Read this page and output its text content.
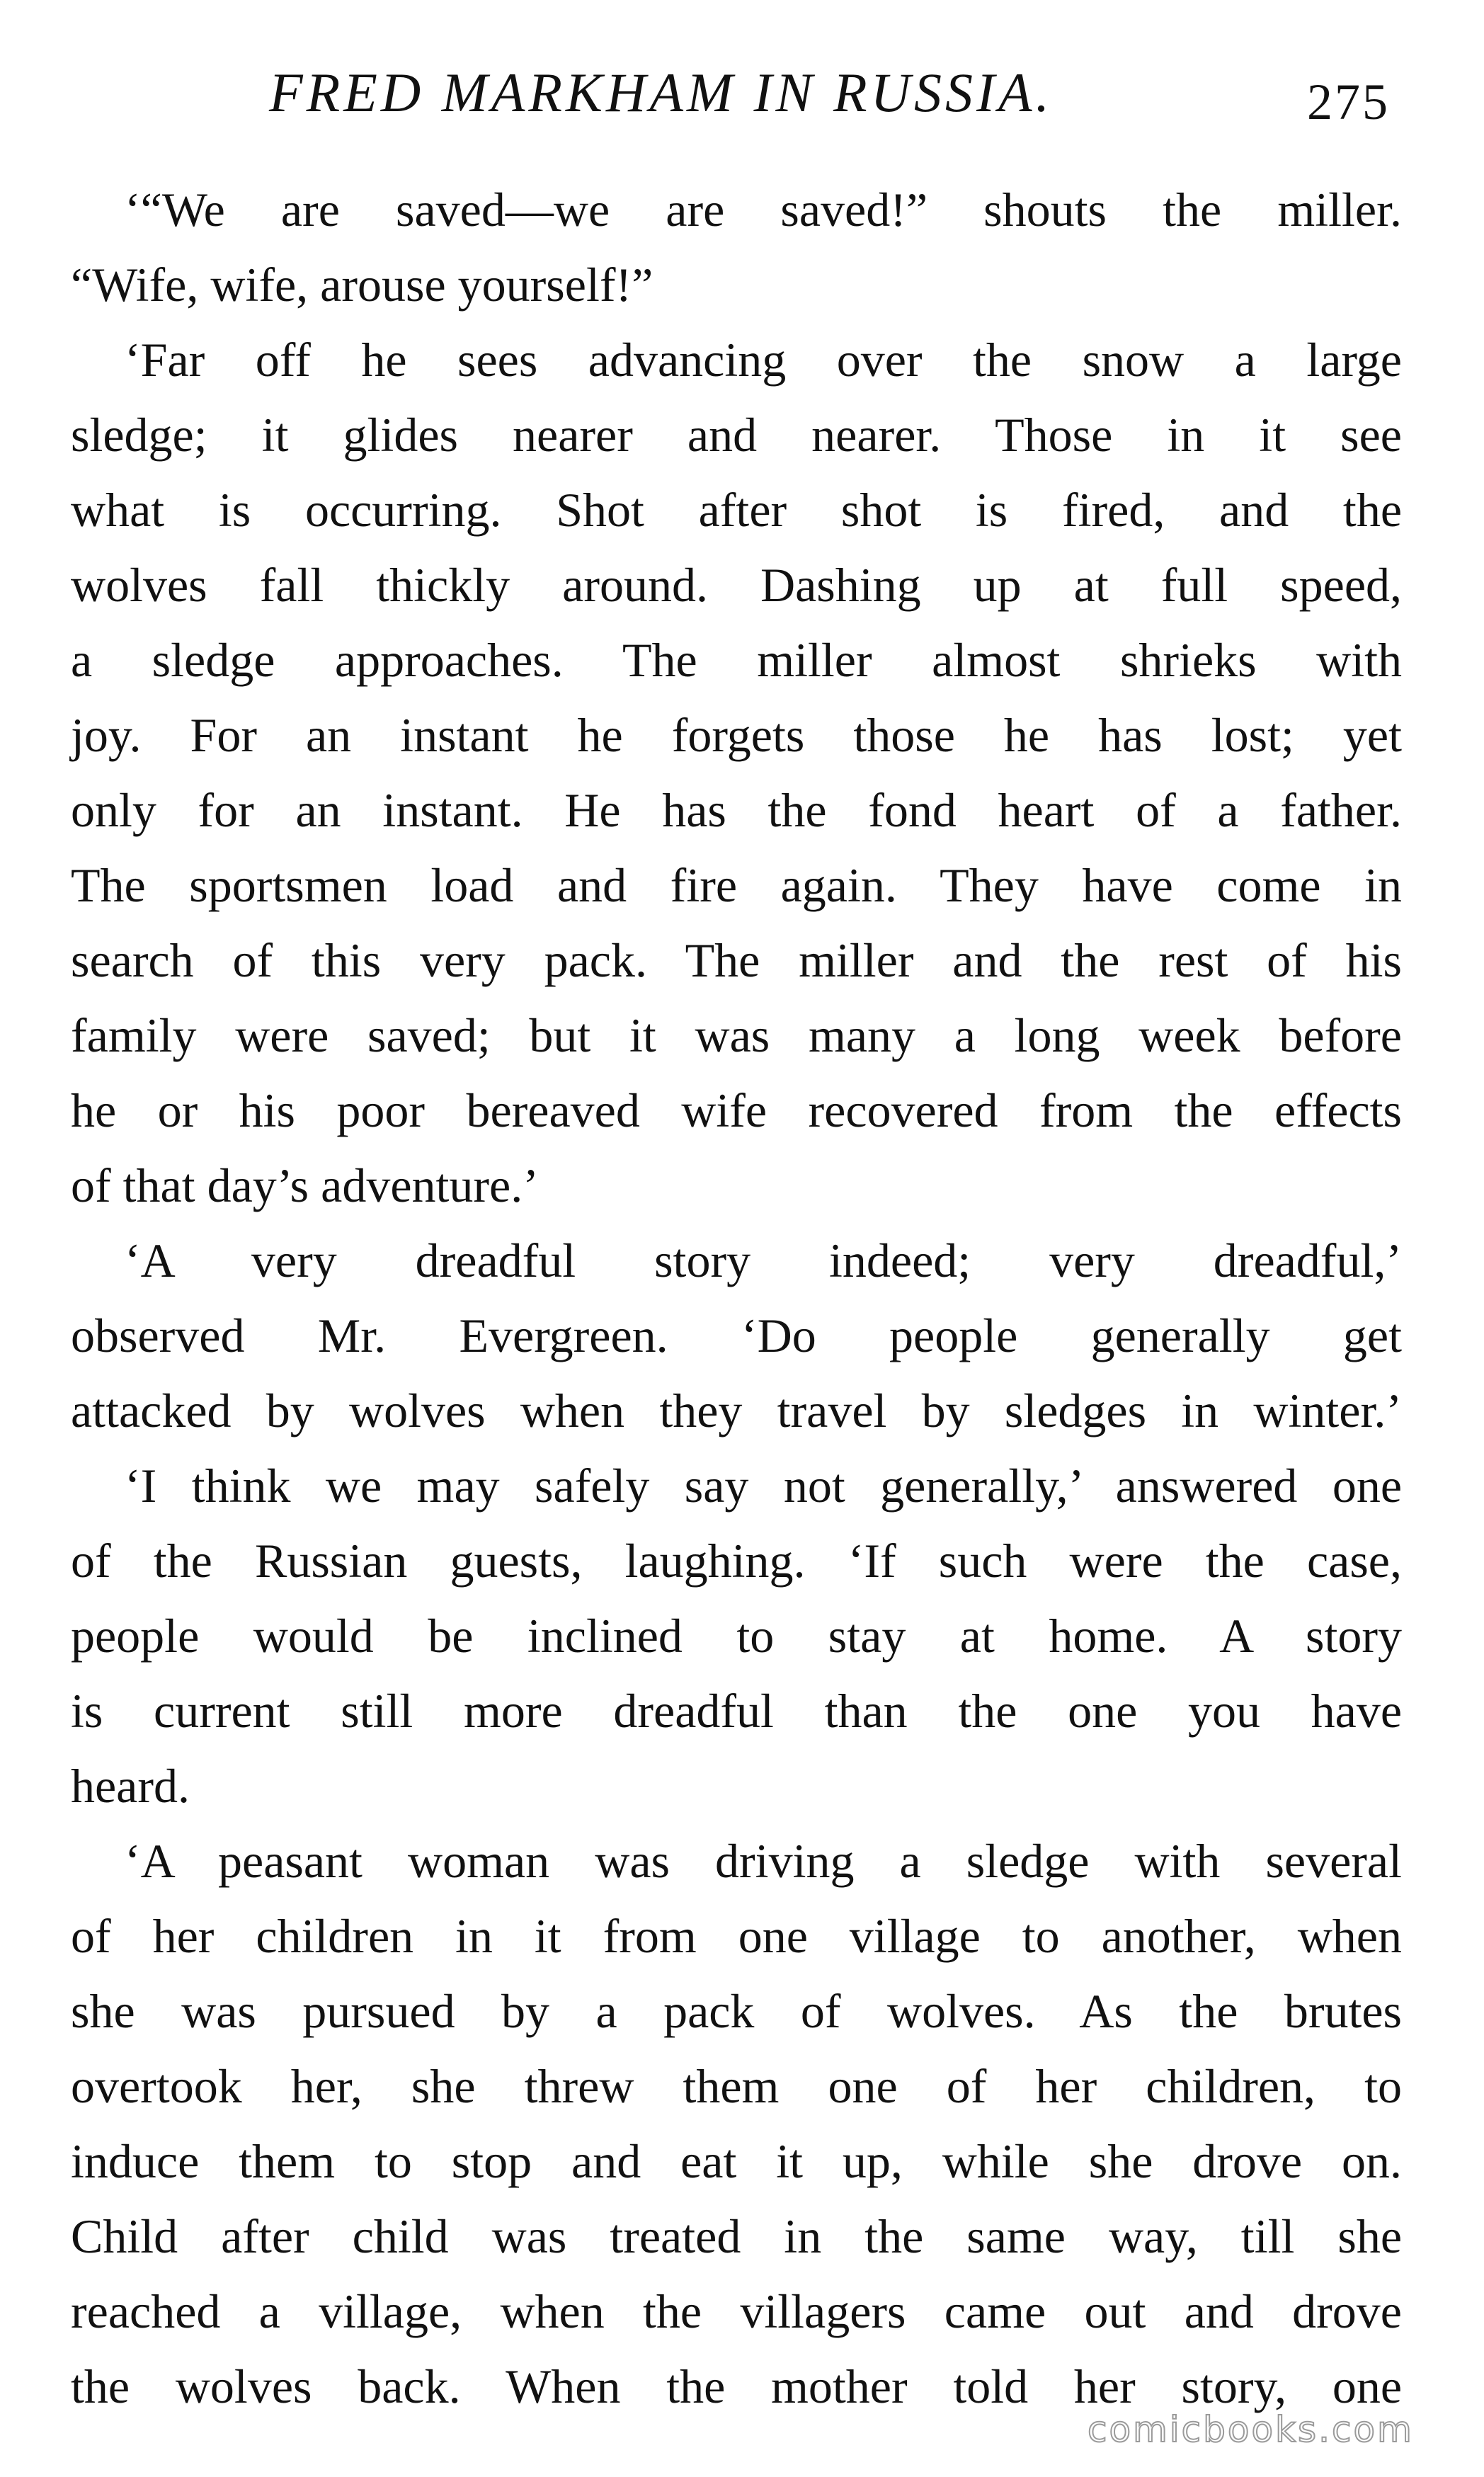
FRED MARKHAM IN RUSSIA.	275
‘“We are saved—we are saved!” shouts the miller.
“Wife, wife, arouse yourself!”
‘Far off he sees advancing over the snow a large
sledge; it glides nearer and nearer. Those in it see
what is occurring. Shot after shot is fired, and the
wolves fall thickly around. Dashing up at full speed,
a sledge approaches. The miller almost shrieks with
joy. For an instant he forgets those he has lost; yet
only for an instant. He has the fond heart of a father.
The sportsmen load and fire again. They have come in
search of this very pack. The miller and the rest of his
family were saved; but it was many a long week before
he or his poor bereaved wife recovered from the effects
of that day’s adventure.’
‘A very dreadful story indeed; very dreadful,’
observed Mr. Evergreen. ‘Do people generally get
attacked by wolves when they travel by sledges in winter.’
‘I think we may safely say not generally,’ answered one
of the Russian guests, laughing. ‘If such were the case,
people would be inclined to stay at home. A story
is current still more dreadful than the one you have
heard.
‘A peasant woman was driving a sledge with several
of her children in it from one village to another, when
she was pursued by a pack of wolves. As the brutes
overtook her, she threw them one of her children, to
induce them to stop and eat it up, while she drove on.
Child after child was treated in the same way, till she
reached a village, when the villagers came out and drove
the wolves back. When the mother told her story, one
comicbooks.com
